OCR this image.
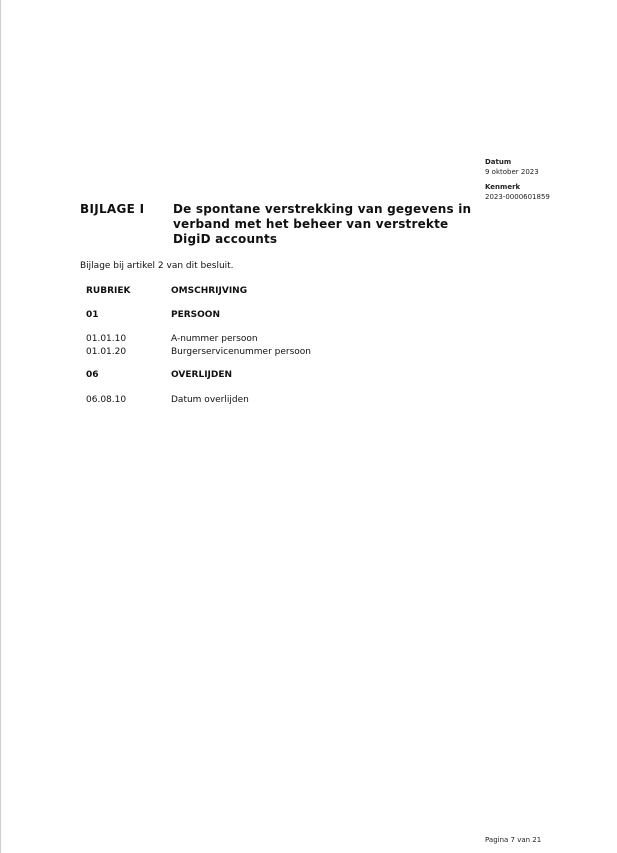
Datum
9 oktober 2023
Kenmerk
2023-0000601859
BIJLAGE I De spontane verstrekking van gegevens in verband met het beheer van verstrekte DigiD accounts
Bijlage bij artikel 2 van dit besluit.
RUBRIEK	OMSCHRIJVING
01	PERSOON
01.01.10	A-nummer persoon
01.01.20	Burgerservicenummer persoon
06	OVERLIJDEN
06.08.10	Datum overlijden
Pagina 7 van 21
